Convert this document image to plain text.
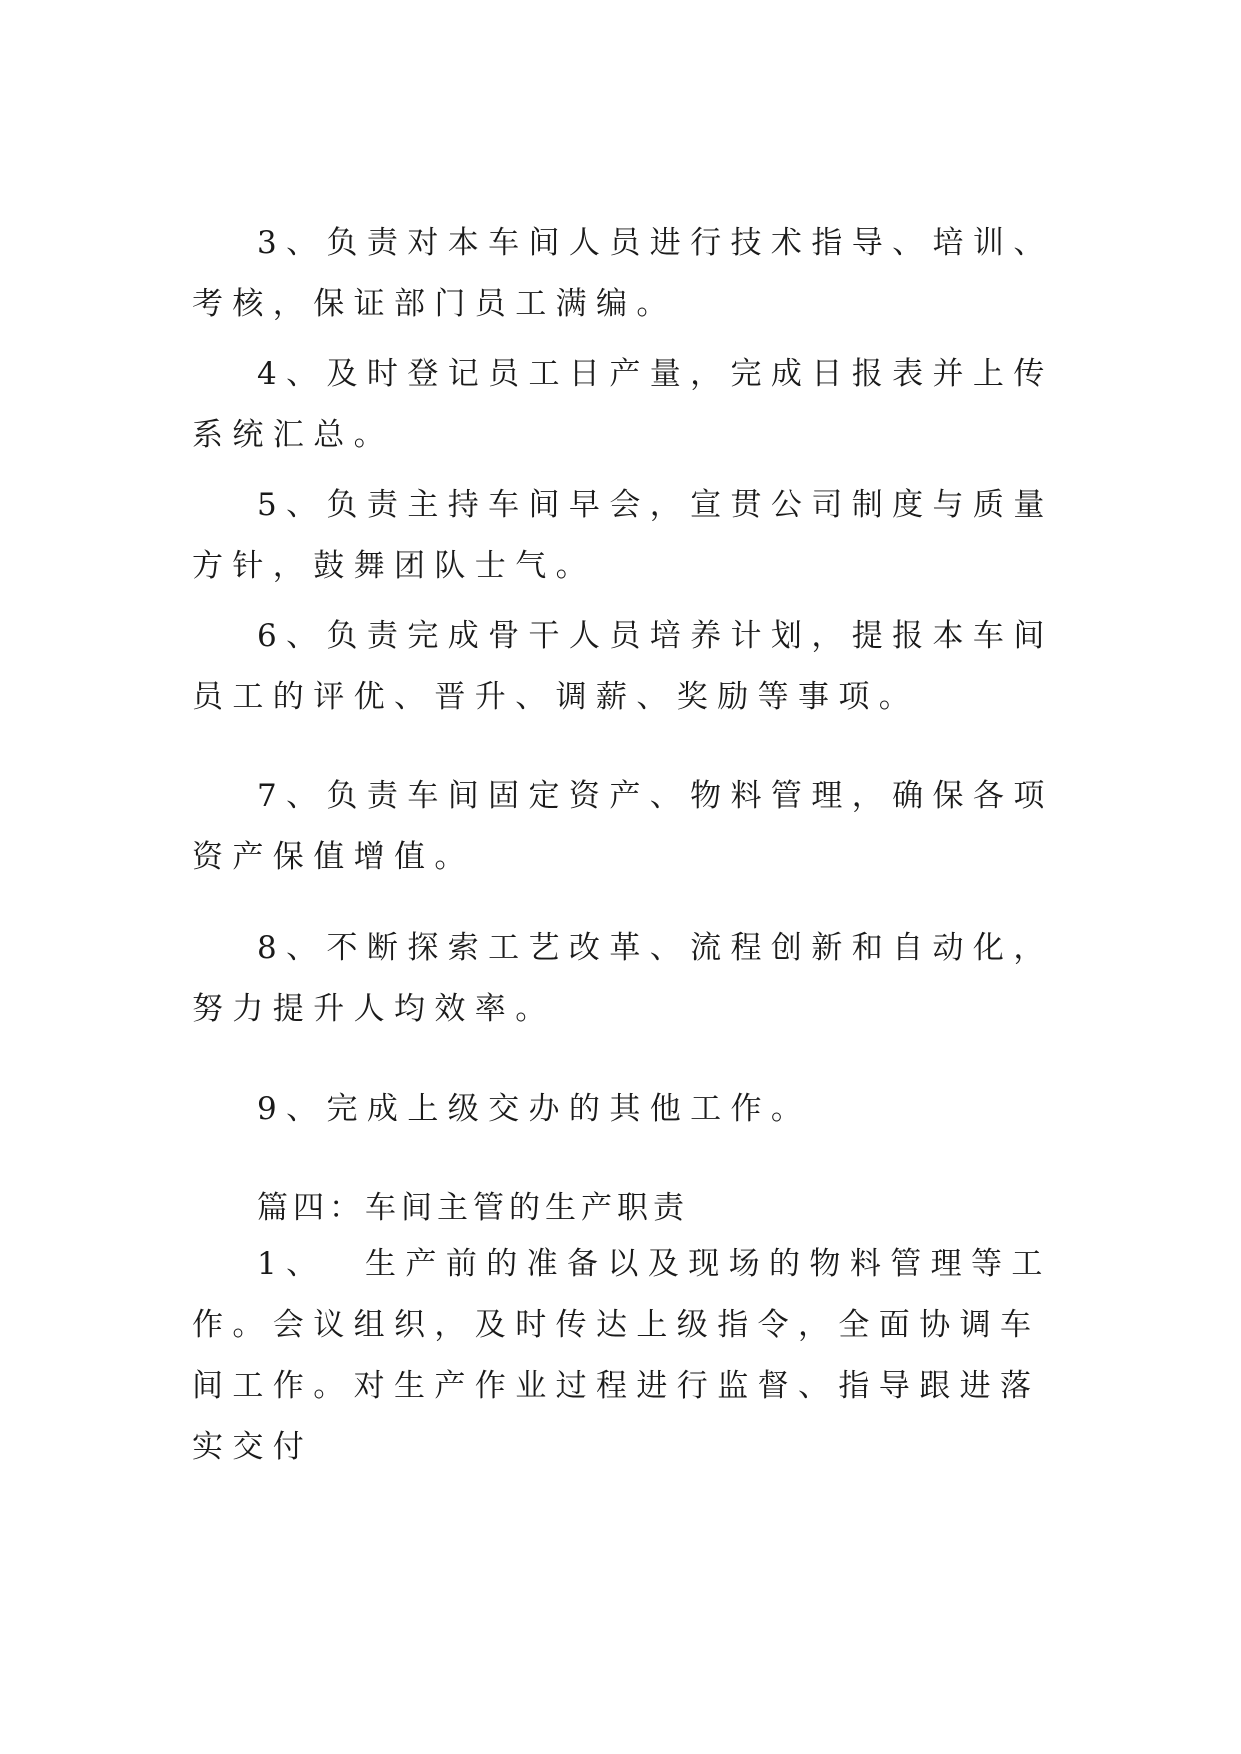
3、负责对本车间人员进行技术指导、培训、考核，保证部门员工满编。

4、及时登记员工日产量，完成日报表并上传系统汇总。

5、负责主持车间早会，宣贯公司制度与质量方针，鼓舞团队士气。

6、负责完成骨干人员培养计划，提报本车间员工的评优、晋升、调薪、奖励等事项。

7、负责车间固定资产、物料管理，确保各项资产保值增值。

8、不断探索工艺改革、流程创新和自动化，努力提升人均效率。

9、完成上级交办的其他工作。

篇四：车间主管的生产职责

1、  生产前的准备以及现场的物料管理等工作。会议组织，及时传达上级指令，全面协调车间工作。对生产作业过程进行监督、指导跟进落实交付
